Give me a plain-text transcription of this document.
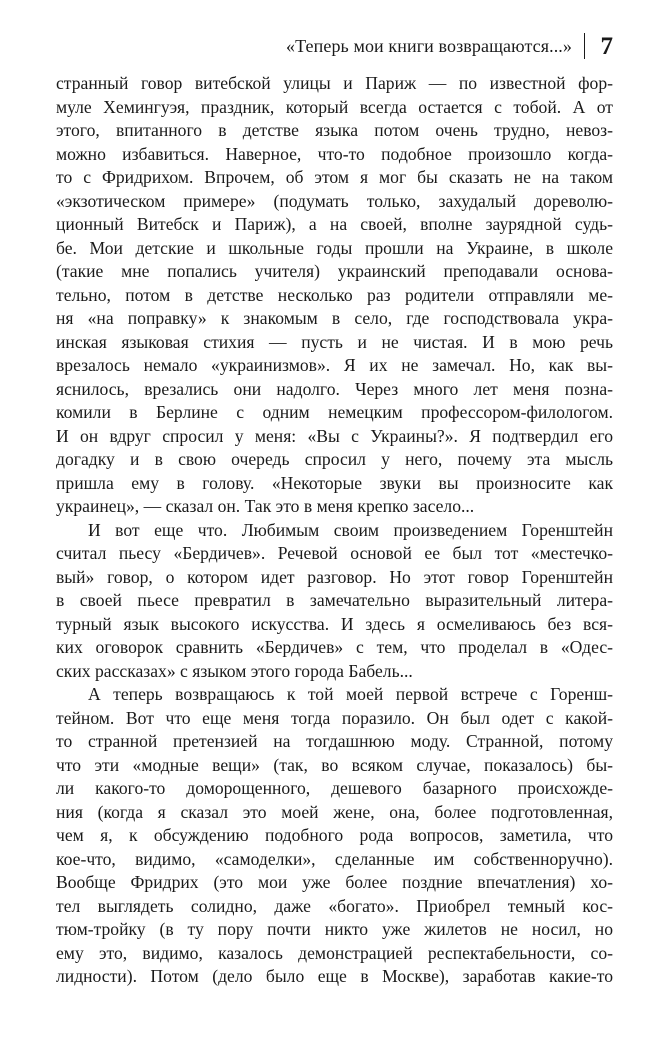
«Теперь мои книги возвращаются...» 7
странный говор витебской улицы и Париж — по известной фор-
муле Хемингуэя, праздник, который всегда остается с тобой. А от
этого, впитанного в детстве языка потом очень трудно, невоз-
можно избавиться. Наверное, что-то подобное произошло когда-
то с Фридрихом. Впрочем, об этом я мог бы сказать не на таком
«экзотическом примере» (подумать только, захудалый дореволю-
ционный Витебск и Париж), а на своей, вполне заурядной судь-
бе. Мои детские и школьные годы прошли на Украине, в школе
(такие мне попались учителя) украинский преподавали основа-
тельно, потом в детстве несколько раз родители отправляли ме-
ня «на поправку» к знакомым в село, где господствовала укра-
инская языковая стихия — пусть и не чистая. И в мою речь
врезалось немало «украинизмов». Я их не замечал. Но, как вы-
яснилось, врезались они надолго. Через много лет меня позна-
комили в Берлине с одним немецким профессором-филологом.
И он вдруг спросил у меня: «Вы с Украины?». Я подтвердил его
догадку и в свою очередь спросил у него, почему эта мысль
пришла ему в голову. «Некоторые звуки вы произносите как
украинец», — сказал он. Так это в меня крепко засело...
И вот еще что. Любимым своим произведением Горенштейн
считал пьесу «Бердичев». Речевой основой ее был тот «местечко-
вый» говор, о котором идет разговор. Но этот говор Горенштейн
в своей пьесе превратил в замечательно выразительный литера-
турный язык высокого искусства. И здесь я осмеливаюсь без вся-
ких оговорок сравнить «Бердичев» с тем, что проделал в «Одес-
ских рассказах» с языком этого города Бабель...
А теперь возвращаюсь к той моей первой встрече с Горенш-
тейном. Вот что еще меня тогда поразило. Он был одет с какой-
то странной претензией на тогдашнюю моду. Странной, потому
что эти «модные вещи» (так, во всяком случае, показалось) бы-
ли какого-то доморощенного, дешевого базарного происхожде-
ния (когда я сказал это моей жене, она, более подготовленная,
чем я, к обсуждению подобного рода вопросов, заметила, что
кое-что, видимо, «самоделки», сделанные им собственноручно).
Вообще Фридрих (это мои уже более поздние впечатления) хо-
тел выглядеть солидно, даже «богато». Приобрел темный кос-
тюм-тройку (в ту пору почти никто уже жилетов не носил, но
ему это, видимо, казалось демонстрацией респектабельности, со-
лидности). Потом (дело было еще в Москве), заработав какие-то
